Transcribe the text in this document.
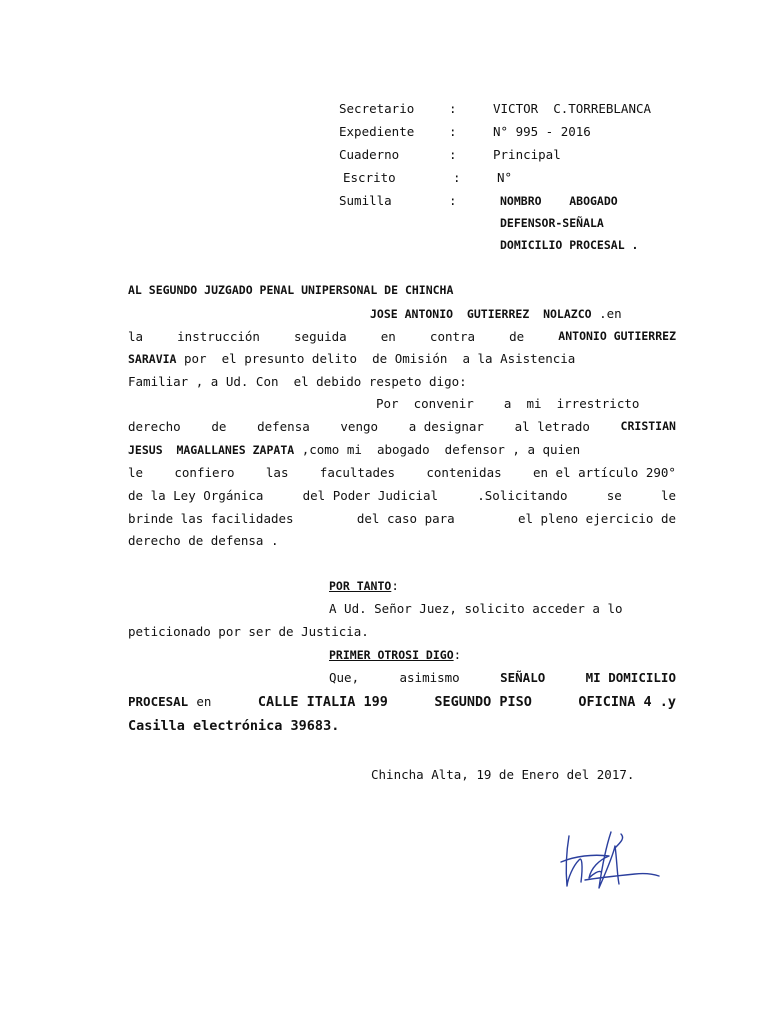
Secretario	:	VICTOR  C.TORREBLANCA
Expediente	:	N° 995 - 2016
Cuaderno	:	Principal
Escrito	:	N°
Sumilla	:	NOMBRO    ABOGADO
DEFENSOR-SEÑALA
DOMICILIO PROCESAL .
AL SEGUNDO JUZGADO PENAL UNIPERSONAL DE CHINCHA
JOSE ANTONIO  GUTIERREZ  NOLAZCO .en
la	instrucción	seguida	en	contra	de	ANTONIO GUTIERREZ
SARAVIA por  el presunto delito  de Omisión  a la Asistencia
Familiar , a Ud. Con  el debido respeto digo:
Por  convenir    a  mi  irrestricto
derecho de defensa vengo a designar al letrado	CRISTIAN
JESUS  MAGALLANES ZAPATA ,como mi  abogado  defensor , a quien
le	confiero	las	facultades	contenidas	en el artículo 290°
de la Ley Orgánica	del Poder Judicial	.Solicitando	se	le
brinde las facilidades	del caso para	el pleno ejercicio de
derecho de defensa .
POR TANTO:
A Ud. Señor Juez, solicito acceder a lo
peticionado por ser de Justicia.
PRIMER OTROSI DIGO:
Que,	asimismo	SEÑALO	MI DOMICILIO
PROCESAL en	CALLE ITALIA 199	SEGUNDO PISO	OFICINA 4 .y
Casilla electrónica 39683.
Chincha Alta, 19 de Enero del 2017.
